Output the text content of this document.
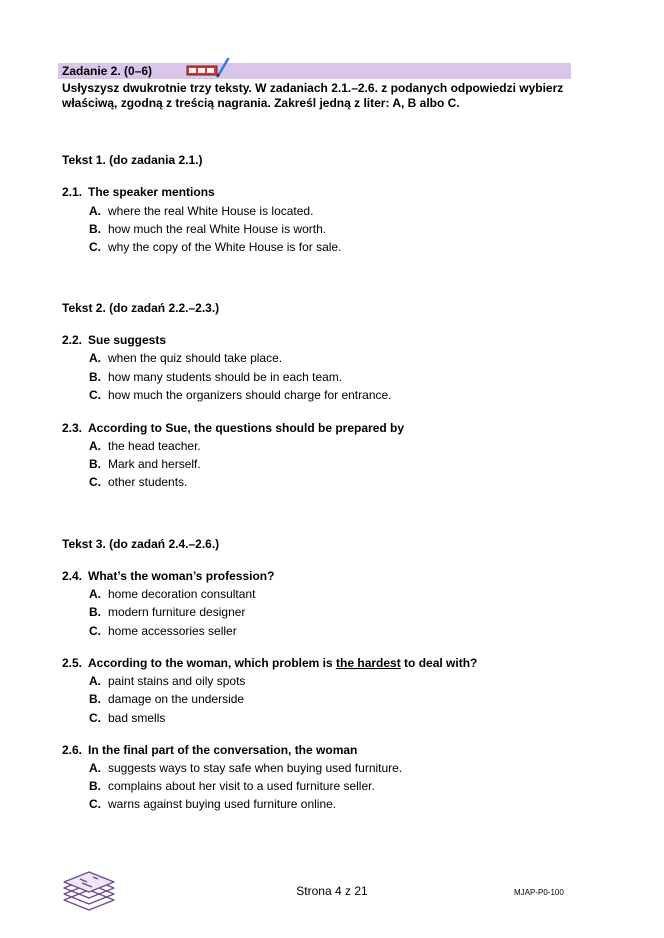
Zadanie 2. (0–6)
Usłyszysz dwukrotnie trzy teksty. W zadaniach 2.1.–2.6. z podanych odpowiedzi wybierz właściwą, zgodną z treścią nagrania. Zakreśl jedną z liter: A, B albo C.
Tekst 1. (do zadania 2.1.)
2.1. The speaker mentions
A. where the real White House is located.
B. how much the real White House is worth.
C. why the copy of the White House is for sale.
Tekst 2. (do zadań 2.2.–2.3.)
2.2. Sue suggests
A. when the quiz should take place.
B. how many students should be in each team.
C. how much the organizers should charge for entrance.
2.3. According to Sue, the questions should be prepared by
A. the head teacher.
B. Mark and herself.
C. other students.
Tekst 3. (do zadań 2.4.–2.6.)
2.4. What’s the woman’s profession?
A. home decoration consultant
B. modern furniture designer
C. home accessories seller
2.5. According to the woman, which problem is the hardest to deal with?
A. paint stains and oily spots
B. damage on the underside
C. bad smells
2.6. In the final part of the conversation, the woman
A. suggests ways to stay safe when buying used furniture.
B. complains about her visit to a used furniture seller.
C. warns against buying used furniture online.
Strona 4 z 21	MJAP-P0-100
